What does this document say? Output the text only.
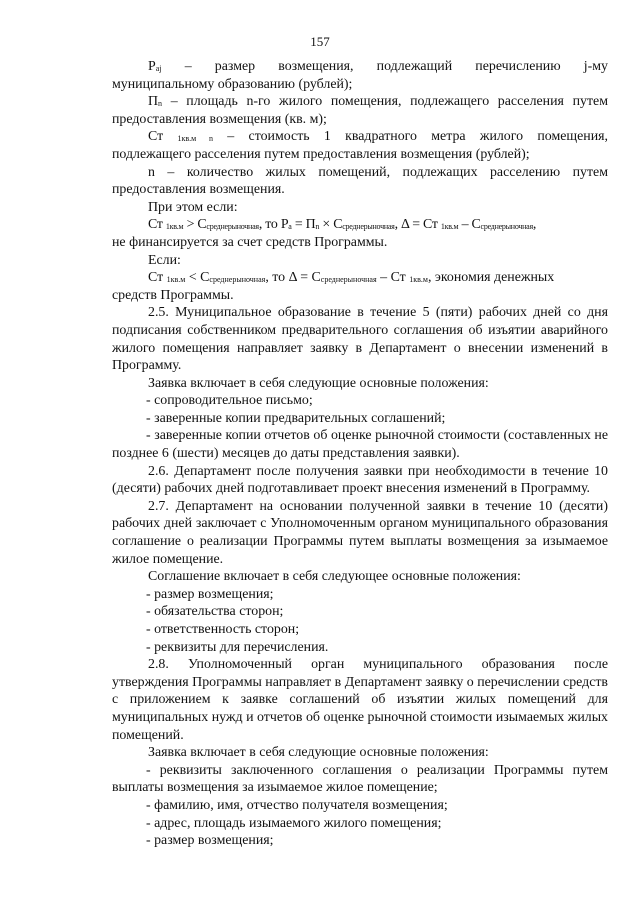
157

$P_{aj}$ – размер возмещения, подлежащий перечислению j-му

муниципальному образованию (рублей);

$П_n$ – площадь n-го жилого помещения, подлежащего расселения путем

предоставления возмещения (кв. м);

Ст $_{1кв.м n}$ – стоимость 1 квадратного метра жилого помещения,

подлежащего расселения путем предоставления возмещения (рублей);

n – количество жилых помещений, подлежащих расселению путем

предоставления возмещения.

При этом если:

Ст $_{1кв.м} > С_{среднерыночная}$, то $P_а = П_n \times С_{среднерыночная}$, Δ = Ст $_{1кв.м} - С_{среднерыночная}$,

не финансируется за счет средств Программы.

Если:

Ст $_{1кв.м} < С_{среднерыночная}$, то $\Delta = С_{среднерыночная}$ – Ст $_{1кв.м}$, экономия денежных

средств Программы.

2.5. Муниципальное образование в течение 5 (пяти) рабочих дней со дня подписания собственником предварительного соглашения об изъятии аварийного жилого помещения направляет заявку в Департамент о внесении изменений в Программу.

Заявка включает в себя следующие основные положения:

- сопроводительное письмо;

- заверенные копии предварительных соглашений;

- заверенные копии отчетов об оценке рыночной стоимости (составленных не позднее 6 (шести) месяцев до даты представления заявки).

2.6. Департамент после получения заявки при необходимости в течение 10 (десяти) рабочих дней подготавливает проект внесения изменений в Программу.

2.7. Департамент на основании полученной заявки в течение 10 (десяти) рабочих дней заключает с Уполномоченным органом муниципального образования соглашение о реализации Программы путем выплаты возмещения за изымаемое жилое помещение.

Соглашение включает в себя следующее основные положения:

- размер возмещения;

- обязательства сторон;

- ответственность сторон;

- реквизиты для перечисления.

2.8. Уполномоченный орган муниципального образования после утверждения Программы направляет в Департамент заявку о перечислении средств с приложением к заявке соглашений об изъятии жилых помещений для муниципальных нужд и отчетов об оценке рыночной стоимости изымаемых жилых помещений.

Заявка включает в себя следующие основные положения:

- реквизиты заключенного соглашения о реализации Программы путем выплаты возмещения за изымаемое жилое помещение;

- фамилию, имя, отчество получателя возмещения;

- адрес, площадь изымаемого жилого помещения;

- размер возмещения;
